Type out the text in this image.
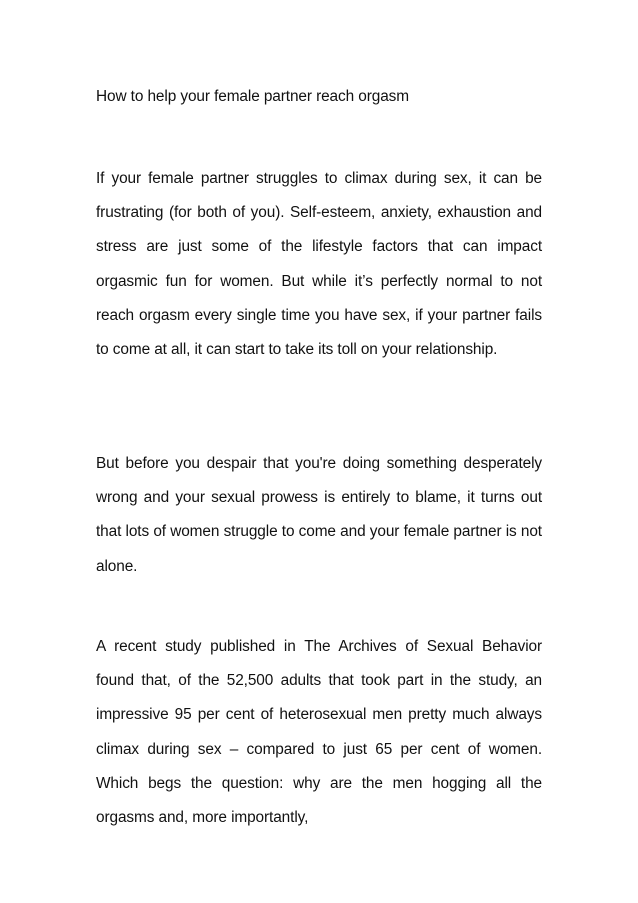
How to help your female partner reach orgasm

If your female partner struggles to climax during sex, it can be frustrating (for both of you). Self-esteem, anxiety, exhaustion and stress are just some of the lifestyle factors that can impact orgasmic fun for women. But while it’s perfectly normal to not reach orgasm every single time you have sex, if your partner fails to come at all, it can start to take its toll on your relationship.

But before you despair that you're doing something desperately wrong and your sexual prowess is entirely to blame, it turns out that lots of women struggle to come and your female partner is not alone.

A recent study published in The Archives of Sexual Behavior found that, of the 52,500 adults that took part in the study, an impressive 95 per cent of heterosexual men pretty much always climax during sex – compared to just 65 per cent of women. Which begs the question: why are the men hogging all the orgasms and, more importantly,
